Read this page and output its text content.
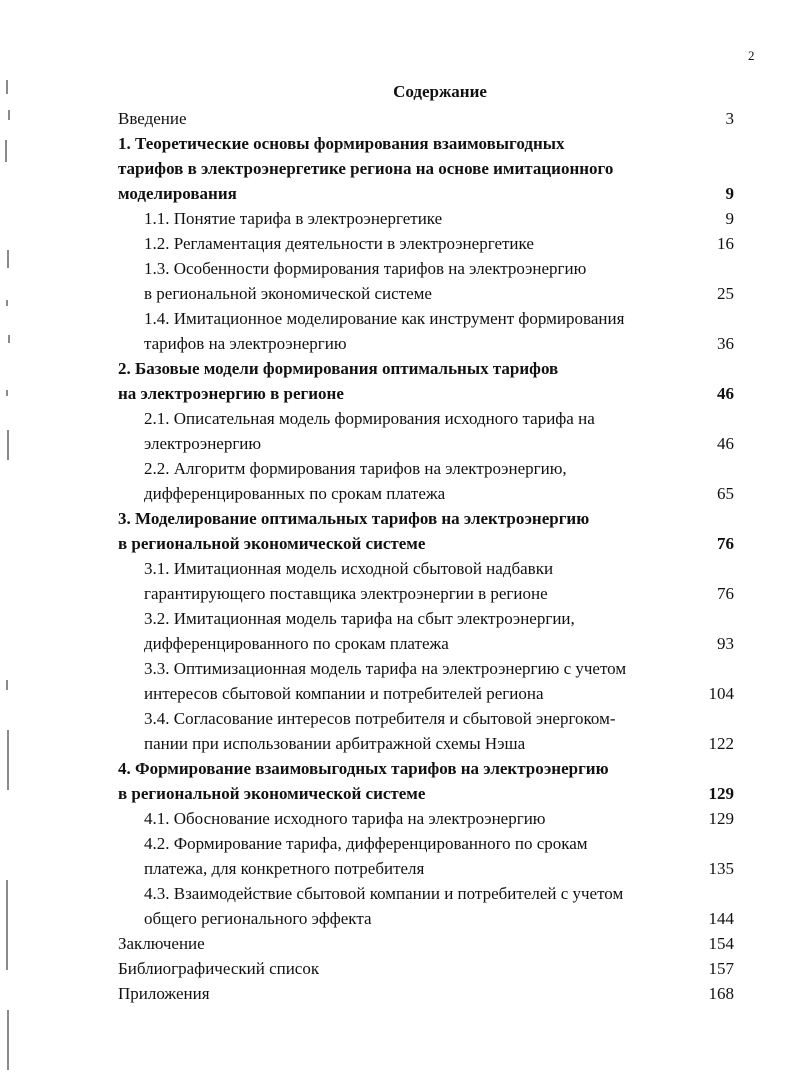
2
Содержание
Введение	3
1. Теоретические основы формирования взаимовыгодных
тарифов в электроэнергетике региона на основе имитационного
моделирования	9
1.1. Понятие тарифа в электроэнергетике	9
1.2. Регламентация деятельности в электроэнергетике	16
1.3. Особенности формирования тарифов на электроэнергию
в региональной экономической системе	25
1.4. Имитационное моделирование как инструмент формирования
тарифов на электроэнергию	36
2. Базовые модели формирования оптимальных тарифов
на электроэнергию в регионе	46
2.1. Описательная модель формирования исходного тарифа на
электроэнергию	46
2.2. Алгоритм формирования тарифов на электроэнергию,
дифференцированных по срокам платежа	65
3. Моделирование оптимальных тарифов на электроэнергию
в региональной экономической системе	76
3.1. Имитационная модель исходной сбытовой надбавки
гарантирующего поставщика электроэнергии в регионе	76
3.2. Имитационная модель тарифа на сбыт электроэнергии,
дифференцированного по срокам платежа	93
3.3. Оптимизационная модель тарифа на электроэнергию с учетом
интересов сбытовой компании и потребителей региона	104
3.4. Согласование интересов потребителя и сбытовой энергоком-
пании при использовании арбитражной схемы Нэша	122
4. Формирование взаимовыгодных тарифов на электроэнергию
в региональной экономической системе	129
4.1. Обоснование исходного тарифа на электроэнергию	129
4.2. Формирование тарифа, дифференцированного по срокам
платежа, для конкретного потребителя	135
4.3. Взаимодействие сбытовой компании и потребителей с учетом
общего регионального эффекта	144
Заключение	154
Библиографический список	157
Приложения	168
